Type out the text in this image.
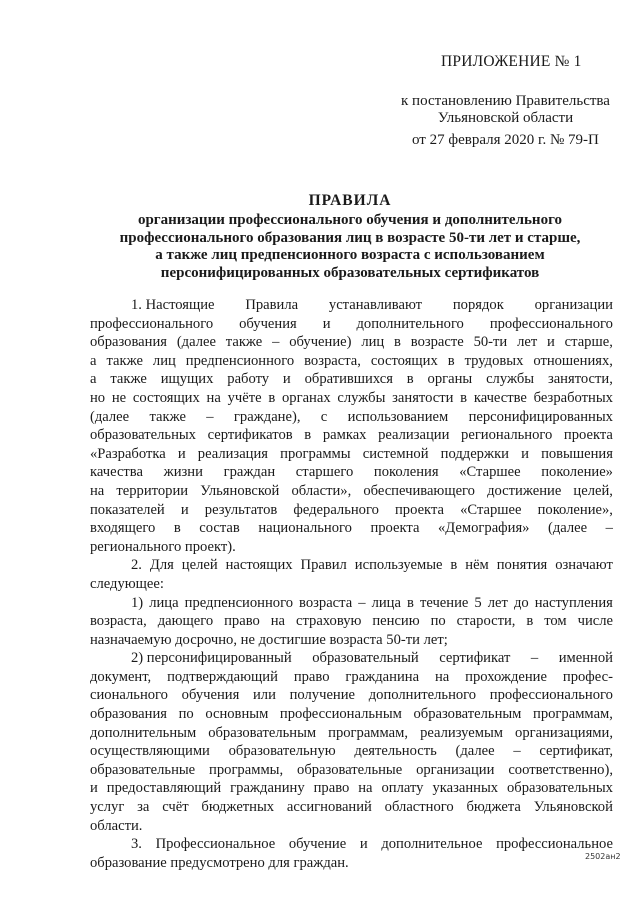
ПРИЛОЖЕНИЕ № 1
к постановлению Правительства
Ульяновской области
от 27 февраля 2020 г. № 79-П
ПРАВИЛА
организации профессионального обучения и дополнительного
профессионального образования лиц в возрасте 50-ти лет и старше,
а также лиц предпенсионного возраста с использованием
персонифицированных образовательных сертификатов
1. Настоящие Правила устанавливают порядок организации
профессионального обучения и дополнительного профессионального
образования (далее также – обучение) лиц в возрасте 50-ти лет и старше,
а также лиц предпенсионного возраста, состоящих в трудовых отношениях,
а также ищущих работу и обратившихся в органы службы занятости,
но не состоящих на учёте в органах службы занятости в качестве безработных
(далее также – граждане), с использованием персонифицированных
образовательных сертификатов в рамках реализации регионального проекта
«Разработка и реализация программы системной поддержки и повышения
качества жизни граждан старшего поколения «Старшее поколение»
на территории Ульяновской области», обеспечивающего достижение целей,
показателей и результатов федерального проекта «Старшее поколение»,
входящего в состав национального проекта «Демография» (далее –
регионального проект).
2. Для целей настоящих Правил используемые в нём понятия означают
следующее:
1) лица предпенсионного возраста – лица в течение 5 лет до наступления
возраста, дающего право на страховую пенсию по старости, в том числе
назначаемую досрочно, не достигшие возраста 50-ти лет;
2) персонифицированный образовательный сертификат – именной
документ, подтверждающий право гражданина на прохождение профес-
сионального обучения или получение дополнительного профессионального
образования по основным профессиональным образовательным программам,
дополнительным образовательным программам, реализуемым организациями,
осуществляющими образовательную деятельность (далее – сертификат,
образовательные программы, образовательные организации соответственно),
и предоставляющий гражданину право на оплату указанных образовательных
услуг за счёт бюджетных ассигнований областного бюджета Ульяновской
области.
3. Профессиональное обучение и дополнительное профессиональное
образование предусмотрено для граждан.	2502ан2
